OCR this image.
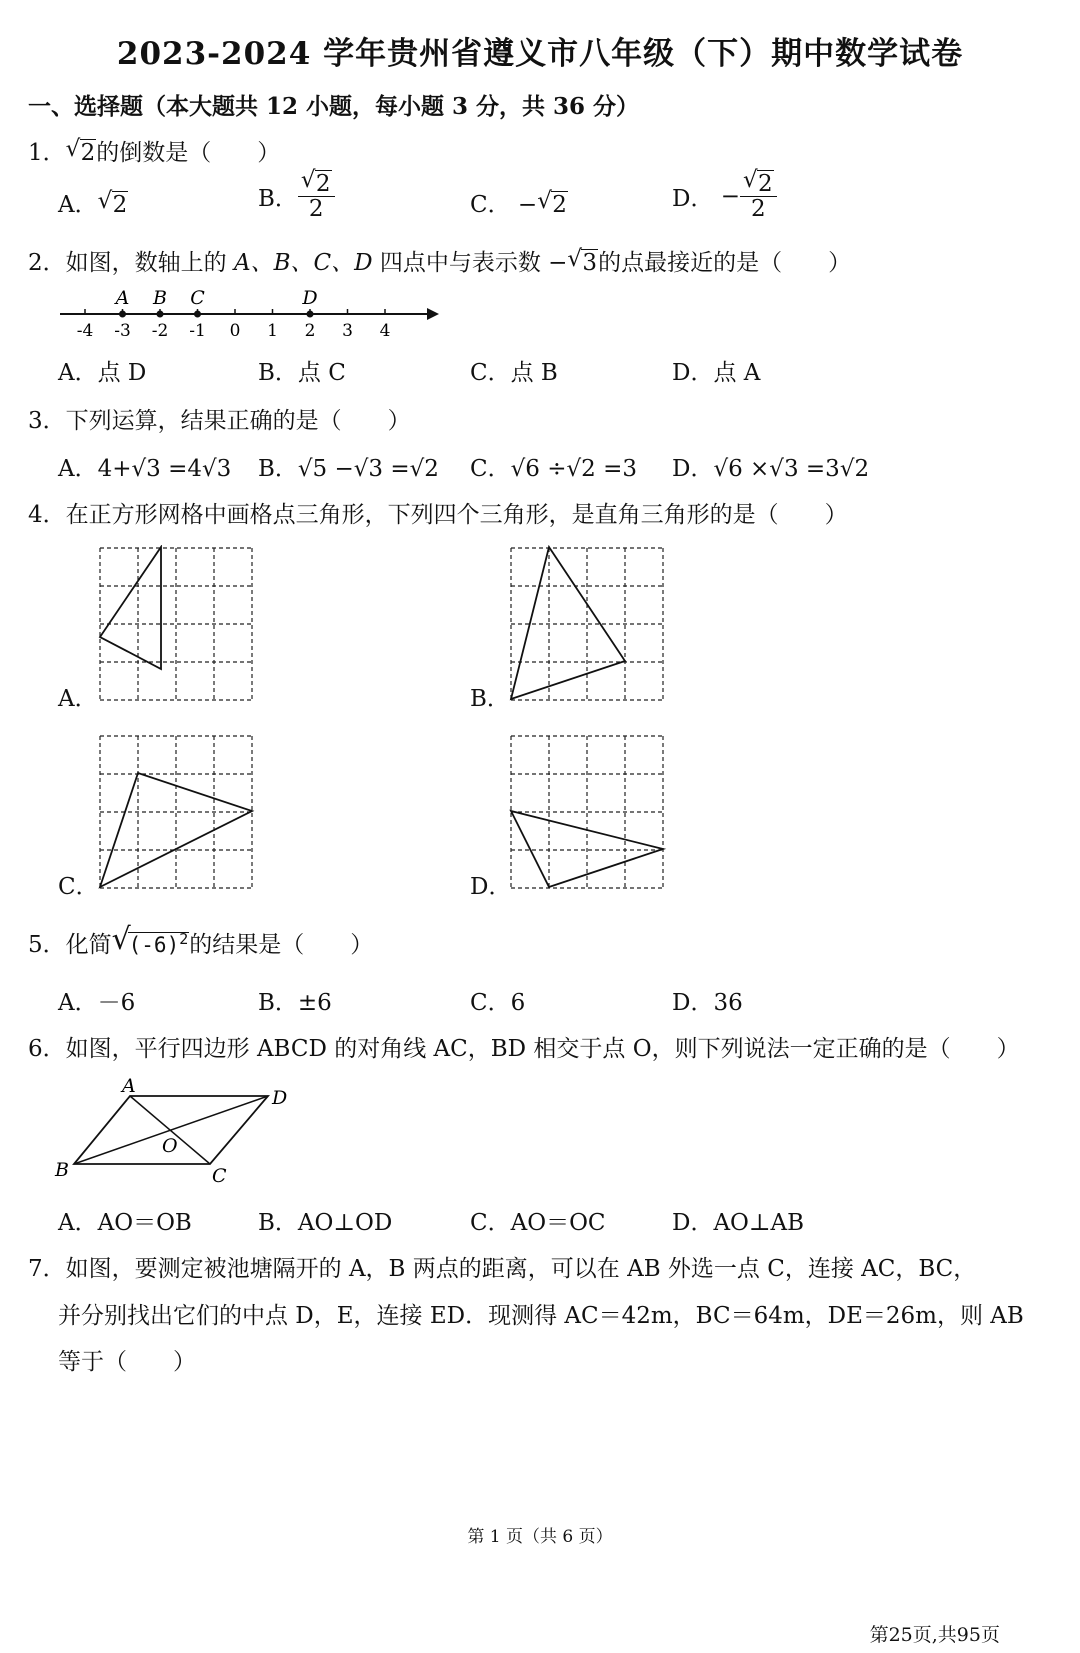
2023-2024 学年贵州省遵义市八年级（下）期中数学试卷
一、选择题（本大题共 12 小题，每小题 3 分，共 36 分）
1． √ 2的倒数是（　　）
A． √ 2	B． $\frac{√ 2}{2}$	C． − √ 2	D． − $\frac{√ 2}{2}$
2．如图，数轴上的 A、B、C、D 四点中与表示数 − √ 3的点最接近的是（　　）
-4 -3 -2 -1 0 1 2 3 4
A B C	D
A．点 D	B．点 C	C．点 B	D．点 A
3．下列运算，结果正确的是（　　）
A．4+√3 =4√3 B．√5 −√3 =√2 C．√6 ÷√2 =3 D．√6 ×√3 =3√2
4．在正方形网格中画格点三角形，下列四个三角形，是直角三角形的是（　　）
A．	B．
C．	D．
5．化简 √
$(-6)^2$的结果是（　　）
A．－6	B．±6	C．6	D．36
6．如图，平行四边形 ABCD 的对角线 AC，BD 相交于点 O，则下列说法一定正确的是（　　）
A
B	C
D
O
A．AO＝OB	B．AO⊥OD	C．AO＝OC	D．AO⊥AB
7．如图，要测定被池塘隔开的 A，B 两点的距离，可以在 AB 外选一点 C，连接 AC，BC，
并分别找出它们的中点 D，E，连接 ED．现测得 AC＝42m，BC＝64m，DE＝26m，则 AB
等于（　　）
第 1 页（共 6 页）
第25页,共95页
